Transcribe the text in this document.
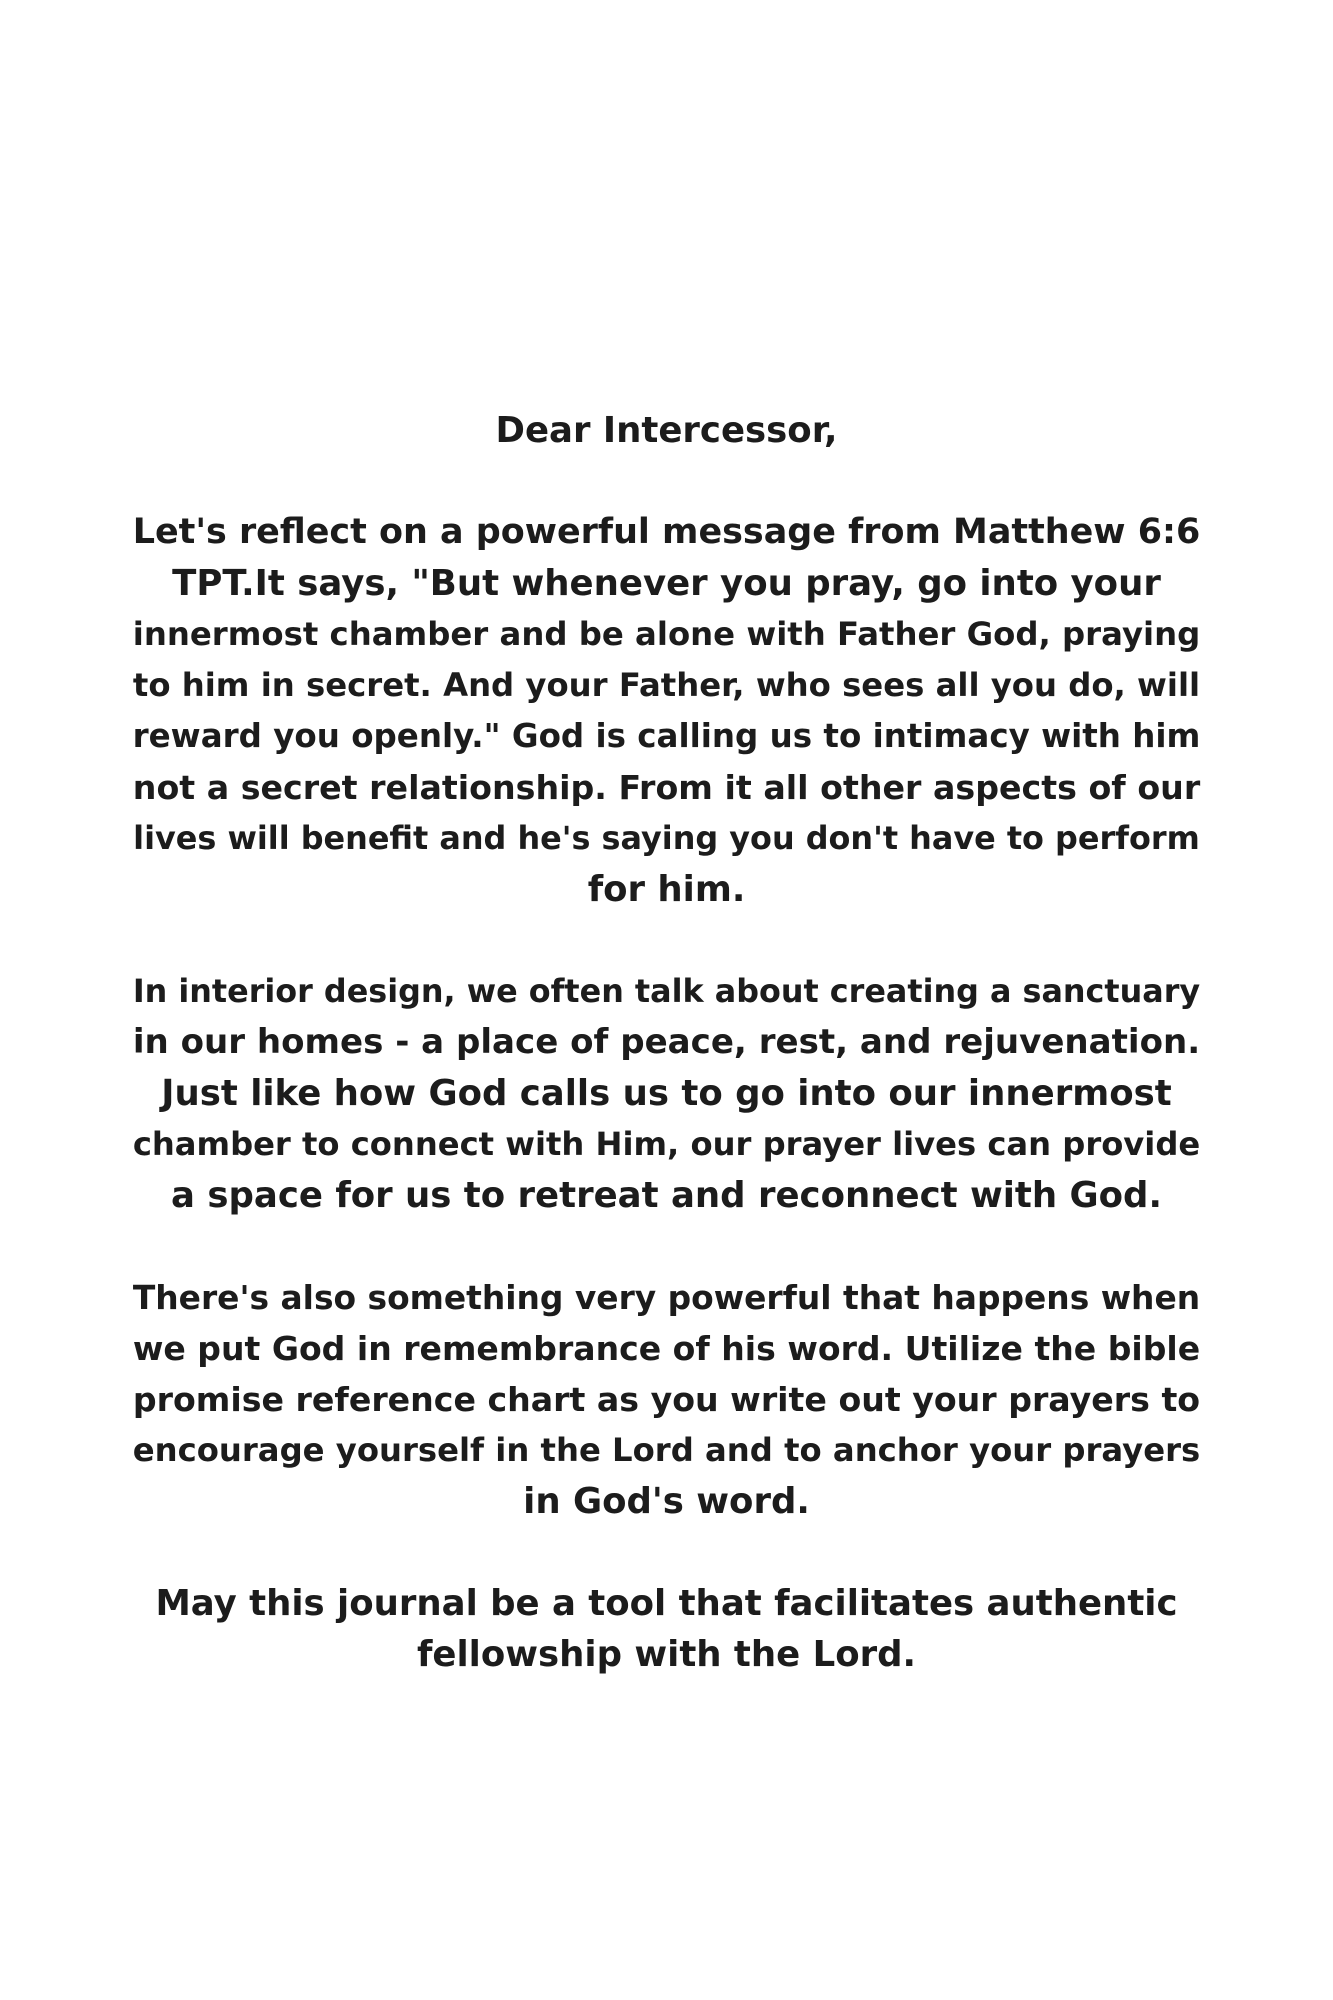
Dear Intercessor,
Let's reflect on a powerful message from Matthew 6:6
TPT.It says, "But whenever you pray, go into your
innermost chamber and be alone with Father God, praying
to him in secret. And your Father, who sees all you do, will
reward you openly." God is calling us to intimacy with him
not a secret relationship. From it all other aspects of our
lives will benefit and he's saying you don't have to perform
for him.
In interior design, we often talk about creating a sanctuary
in our homes - a place of peace, rest, and rejuvenation.
Just like how God calls us to go into our innermost
chamber to connect with Him, our prayer lives can provide
a space for us to retreat and reconnect with God.
There's also something very powerful that happens when
we put God in remembrance of his word. Utilize the bible
promise reference chart as you write out your prayers to
encourage yourself in the Lord and to anchor your prayers
in God's word.
May this journal be a tool that facilitates authentic
fellowship with the Lord.
